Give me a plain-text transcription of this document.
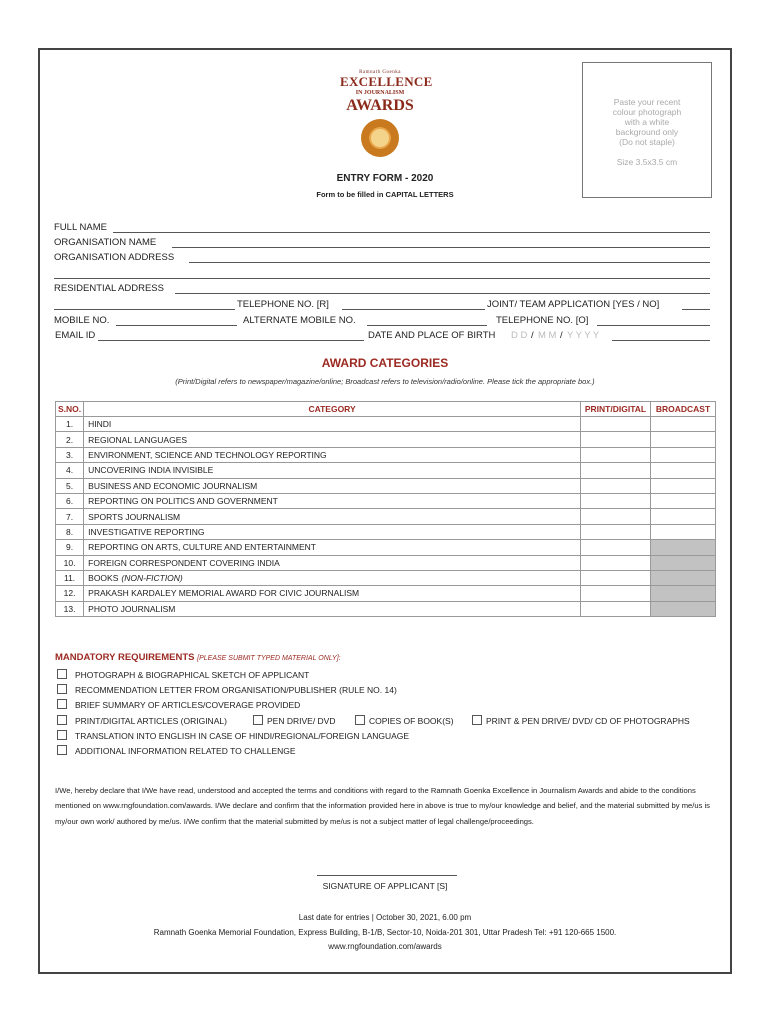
Ramnath Goenka
EXCELLENCE
IN JOURNALISM
AWARDS	Paste your recent
colour photograph
with a white
background only
(Do not staple)
Size 3.5x3.5 cm
ENTRY FORM - 2020
Form to be filled in CAPITAL LETTERS
FULL NAME
ORGANISATION NAME
ORGANISATION ADDRESS
RESIDENTIAL ADDRESS
TELEPHONE NO. [R]	JOINT/ TEAM APPLICATION [YES / NO]
MOBILE NO.	ALTERNATE MOBILE NO.	TELEPHONE NO. [O]
EMAIL ID	DATE AND PLACE OF BIRTH D D / M M / Y Y Y Y
AWARD CATEGORIES
(Print/Digital refers to newspaper/magazine/online; Broadcast refers to television/radio/online. Please tick the appropriate box.)
S.NO.	CATEGORY	PRINT/DIGITAL	BROADCAST
1.	HINDI		
2.	REGIONAL LANGUAGES		
3.	ENVIRONMENT, SCIENCE AND TECHNOLOGY REPORTING		
4.	UNCOVERING INDIA INVISIBLE		
5.	BUSINESS AND ECONOMIC JOURNALISM		
6.	REPORTING ON POLITICS AND GOVERNMENT		
7.	SPORTS JOURNALISM		
8.	INVESTIGATIVE REPORTING		
9.	REPORTING ON ARTS, CULTURE AND ENTERTAINMENT		
10.	FOREIGN CORRESPONDENT COVERING INDIA		
11.	BOOKS (NON-FICTION)		
12.	PRAKASH KARDALEY MEMORIAL AWARD FOR CIVIC JOURNALISM		
13.	PHOTO JOURNALISM		
MANDATORY REQUIREMENTS [PLEASE SUBMIT TYPED MATERIAL ONLY]:
PHOTOGRAPH & BIOGRAPHICAL SKETCH OF APPLICANT
RECOMMENDATION LETTER FROM ORGANISATION/PUBLISHER (RULE NO. 14)
BRIEF SUMMARY OF ARTICLES/COVERAGE PROVIDED
PRINT/DIGITAL ARTICLES (ORIGINAL)	PEN DRIVE/ DVD	COPIES OF BOOK(S)	PRINT & PEN DRIVE/ DVD/ CD OF PHOTOGRAPHS
TRANSLATION INTO ENGLISH IN CASE OF HINDI/REGIONAL/FOREIGN LANGUAGE
ADDITIONAL INFORMATION RELATED TO CHALLENGE
I/We, hereby declare that I/We have read, understood and accepted the terms and conditions with regard to the Ramnath Goenka Excellence in Journalism Awards and abide to the conditions mentioned on www.rngfoundation.com/awards. I/We declare and confirm that the information provided here in above is true to my/our knowledge and belief, and the material submitted by me/us is my/our own work/ authored by me/us. I/We confirm that the material submitted by me/us is not a subject matter of legal challenge/proceedings.
SIGNATURE OF APPLICANT [S]
Last date for entries | October 30, 2021, 6.00 pm
Ramnath Goenka Memorial Foundation, Express Building, B-1/B, Sector-10, Noida-201 301, Uttar Pradesh Tel: +91 120-665 1500.
www.rngfoundation.com/awards
